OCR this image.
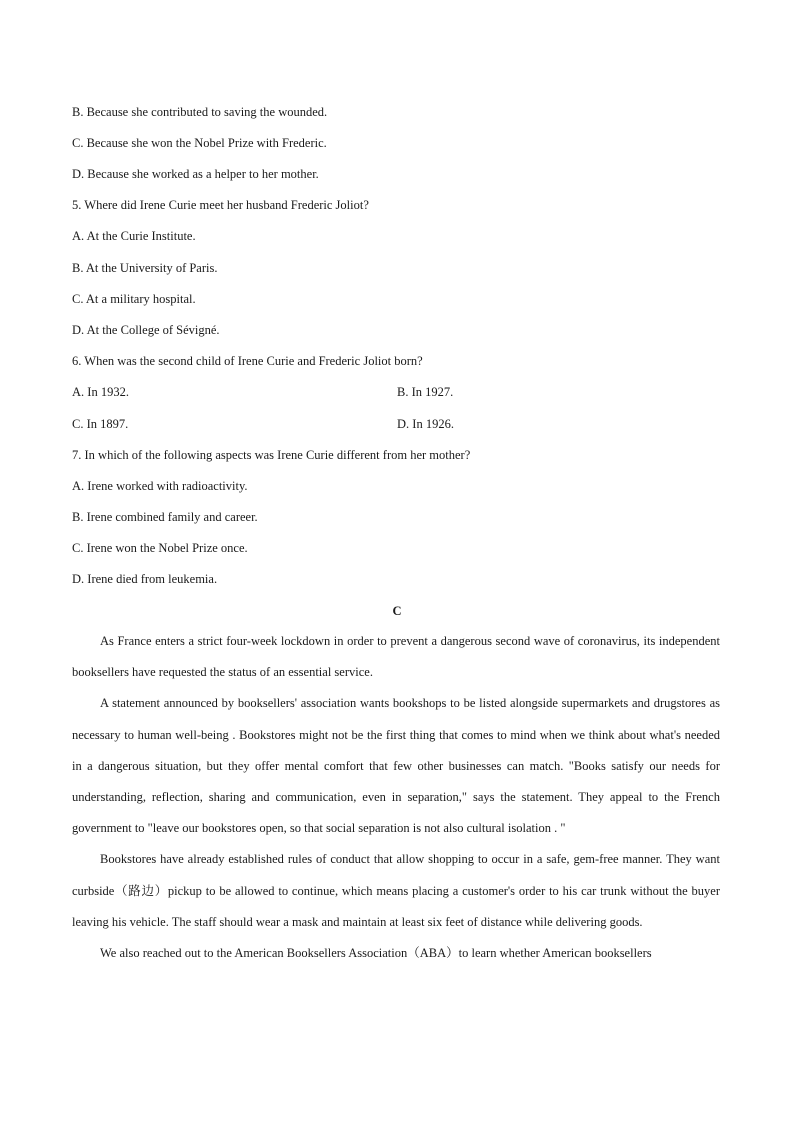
B. Because she contributed to saving the wounded.
C. Because she won the Nobel Prize with Frederic.
D. Because she worked as a helper to her mother.
5. Where did Irene Curie meet her husband Frederic Joliot?
A. At the Curie Institute.
B. At the University of Paris.
C. At a military hospital.
D. At the College of Sévigné.
6. When was the second child of Irene Curie and Frederic Joliot born?
A. In 1932.	B. In 1927.
C. In 1897.	D. In 1926.
7. In which of the following aspects was Irene Curie different from her mother?
A. Irene worked with radioactivity.
B. Irene combined family and career.
C. Irene won the Nobel Prize once.
D. Irene died from leukemia.
C

As France enters a strict four-week lockdown in order to prevent a dangerous second wave of coronavirus, its independent booksellers have requested the status of an essential service.

A statement announced by booksellers' association wants bookshops to be listed alongside supermarkets and drugstores as necessary to human well-being . Bookstores might not be the first thing that comes to mind when we think about what's needed in a dangerous situation, but they offer mental comfort that few other businesses can match. "Books satisfy our needs for understanding, reflection, sharing and communication, even in separation," says the statement. They appeal to the French government to "leave our bookstores open, so that social separation is not also cultural isolation . "

Bookstores have already established rules of conduct that allow shopping to occur in a safe, gem-free manner. They want curbside（路边）pickup to be allowed to continue, which means placing a customer's order to his car trunk without the buyer leaving his vehicle. The staff should wear a mask and maintain at least six feet of distance while delivering goods.

We also reached out to the American Booksellers Association（ABA）to learn whether American booksellers
